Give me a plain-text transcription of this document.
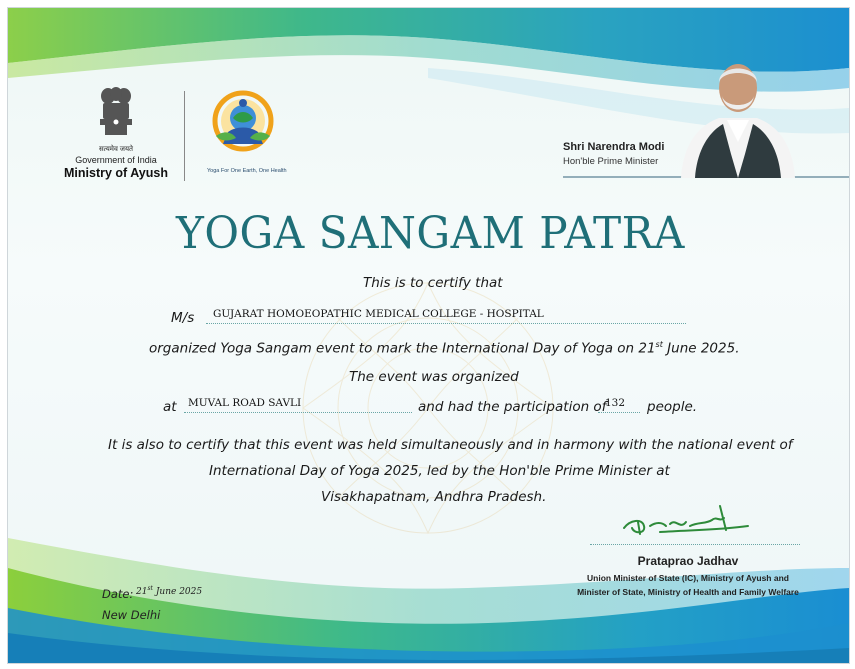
सत्यमेव जयते
Government of India
Ministry of Ayush	Yoga For One Earth, One Health
Shri Narendra Modi
Hon'ble Prime Minister
YOGA SANGAM PATRA
This is to certify that
M/s GUJARAT HOMOEOPATHIC MEDICAL COLLEGE - HOSPITAL
organized Yoga Sangam event to mark the International Day of Yoga on 21st June 2025.
The event was organized
at MUVAL ROAD SAVLI	and had the participation of
132 people.
It is also to certify that this event was held simultaneously and in harmony with the national event of
International Day of Yoga 2025, led by the Hon'ble Prime Minister at
Visakhapatnam, Andhra Pradesh.
Prataprao Jadhav
Union Minister of State (IC), Ministry of Ayush and
Minister of State, Ministry of Health and Family Welfare
Date: 21st June 2025
New Delhi
